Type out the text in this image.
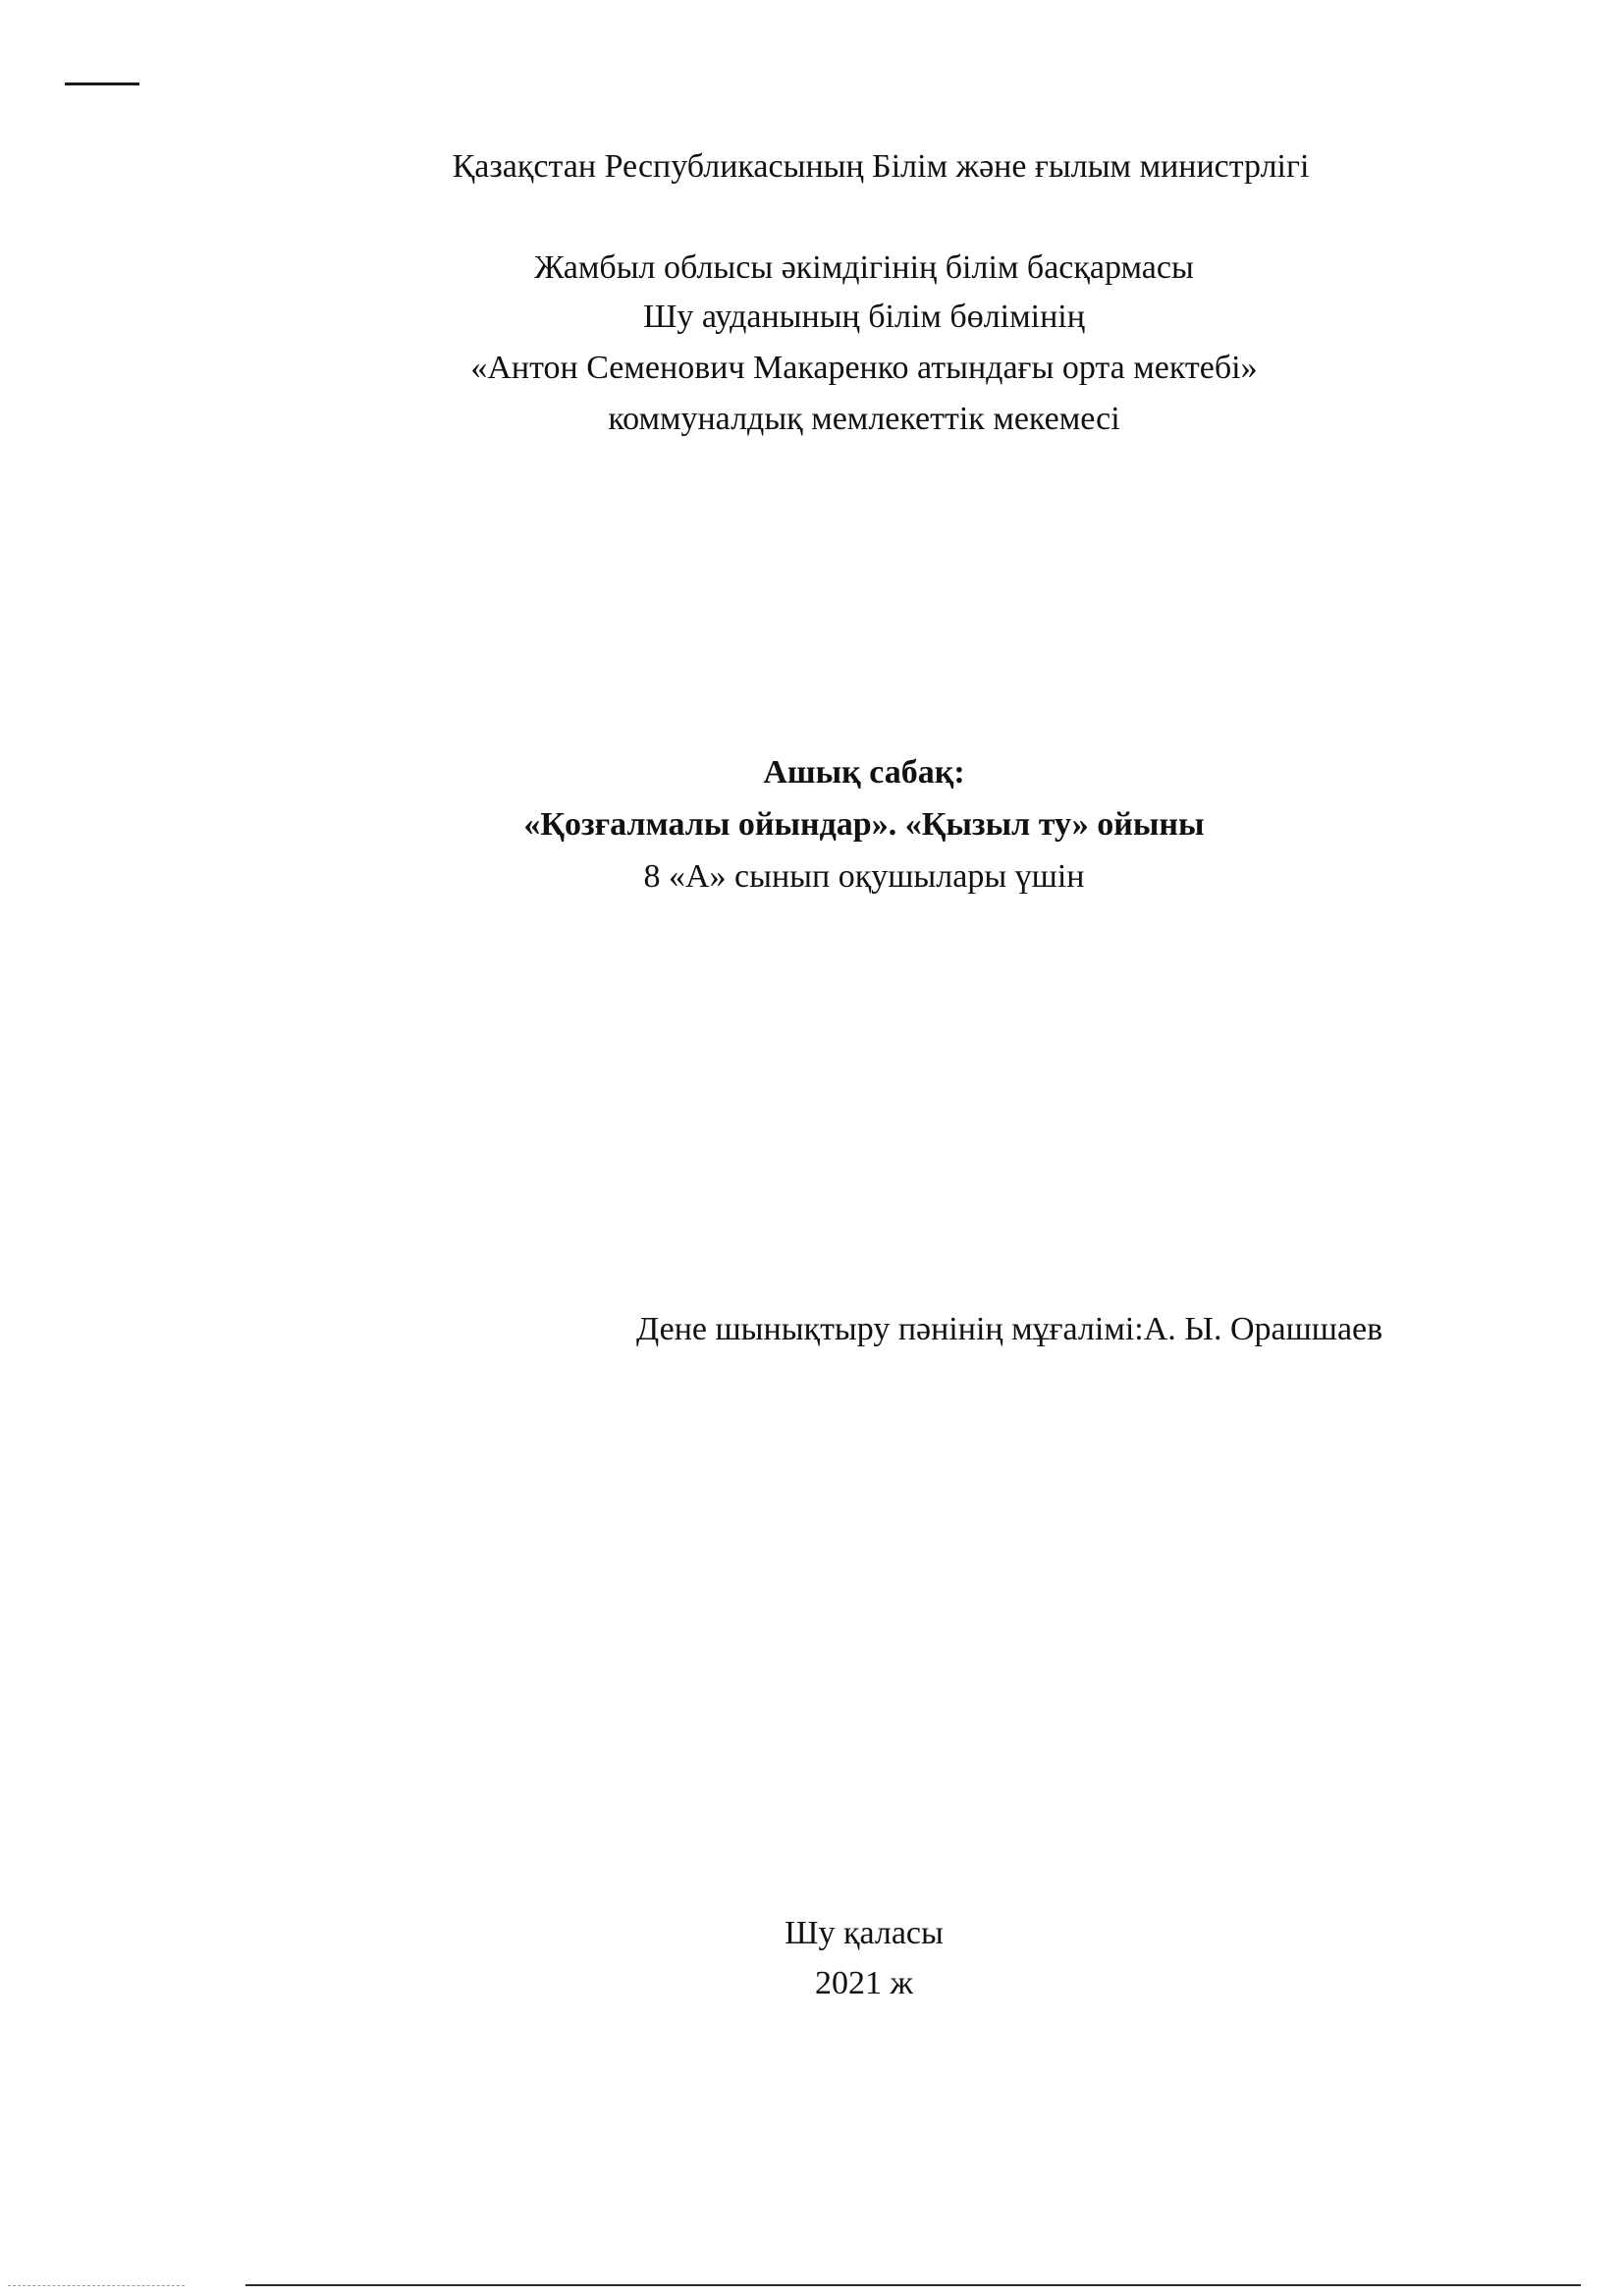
Қазақстан Республикасының Білім және ғылым министрлігі
Жамбыл облысы әкімдігінің білім басқармасы
Шу ауданының білім бөлімінің
«Антон Семенович Макаренко атындағы орта мектебі»
коммуналдық мемлекеттік мекемесі
Ашық сабақ:
«Қозғалмалы ойындар». «Қызыл ту» ойыны
8 «А» сынып оқушылары үшін
Дене шынықтыру пәнінің мұғалімі:А. Ы. Орашшаев
Шу қаласы
2021 ж
